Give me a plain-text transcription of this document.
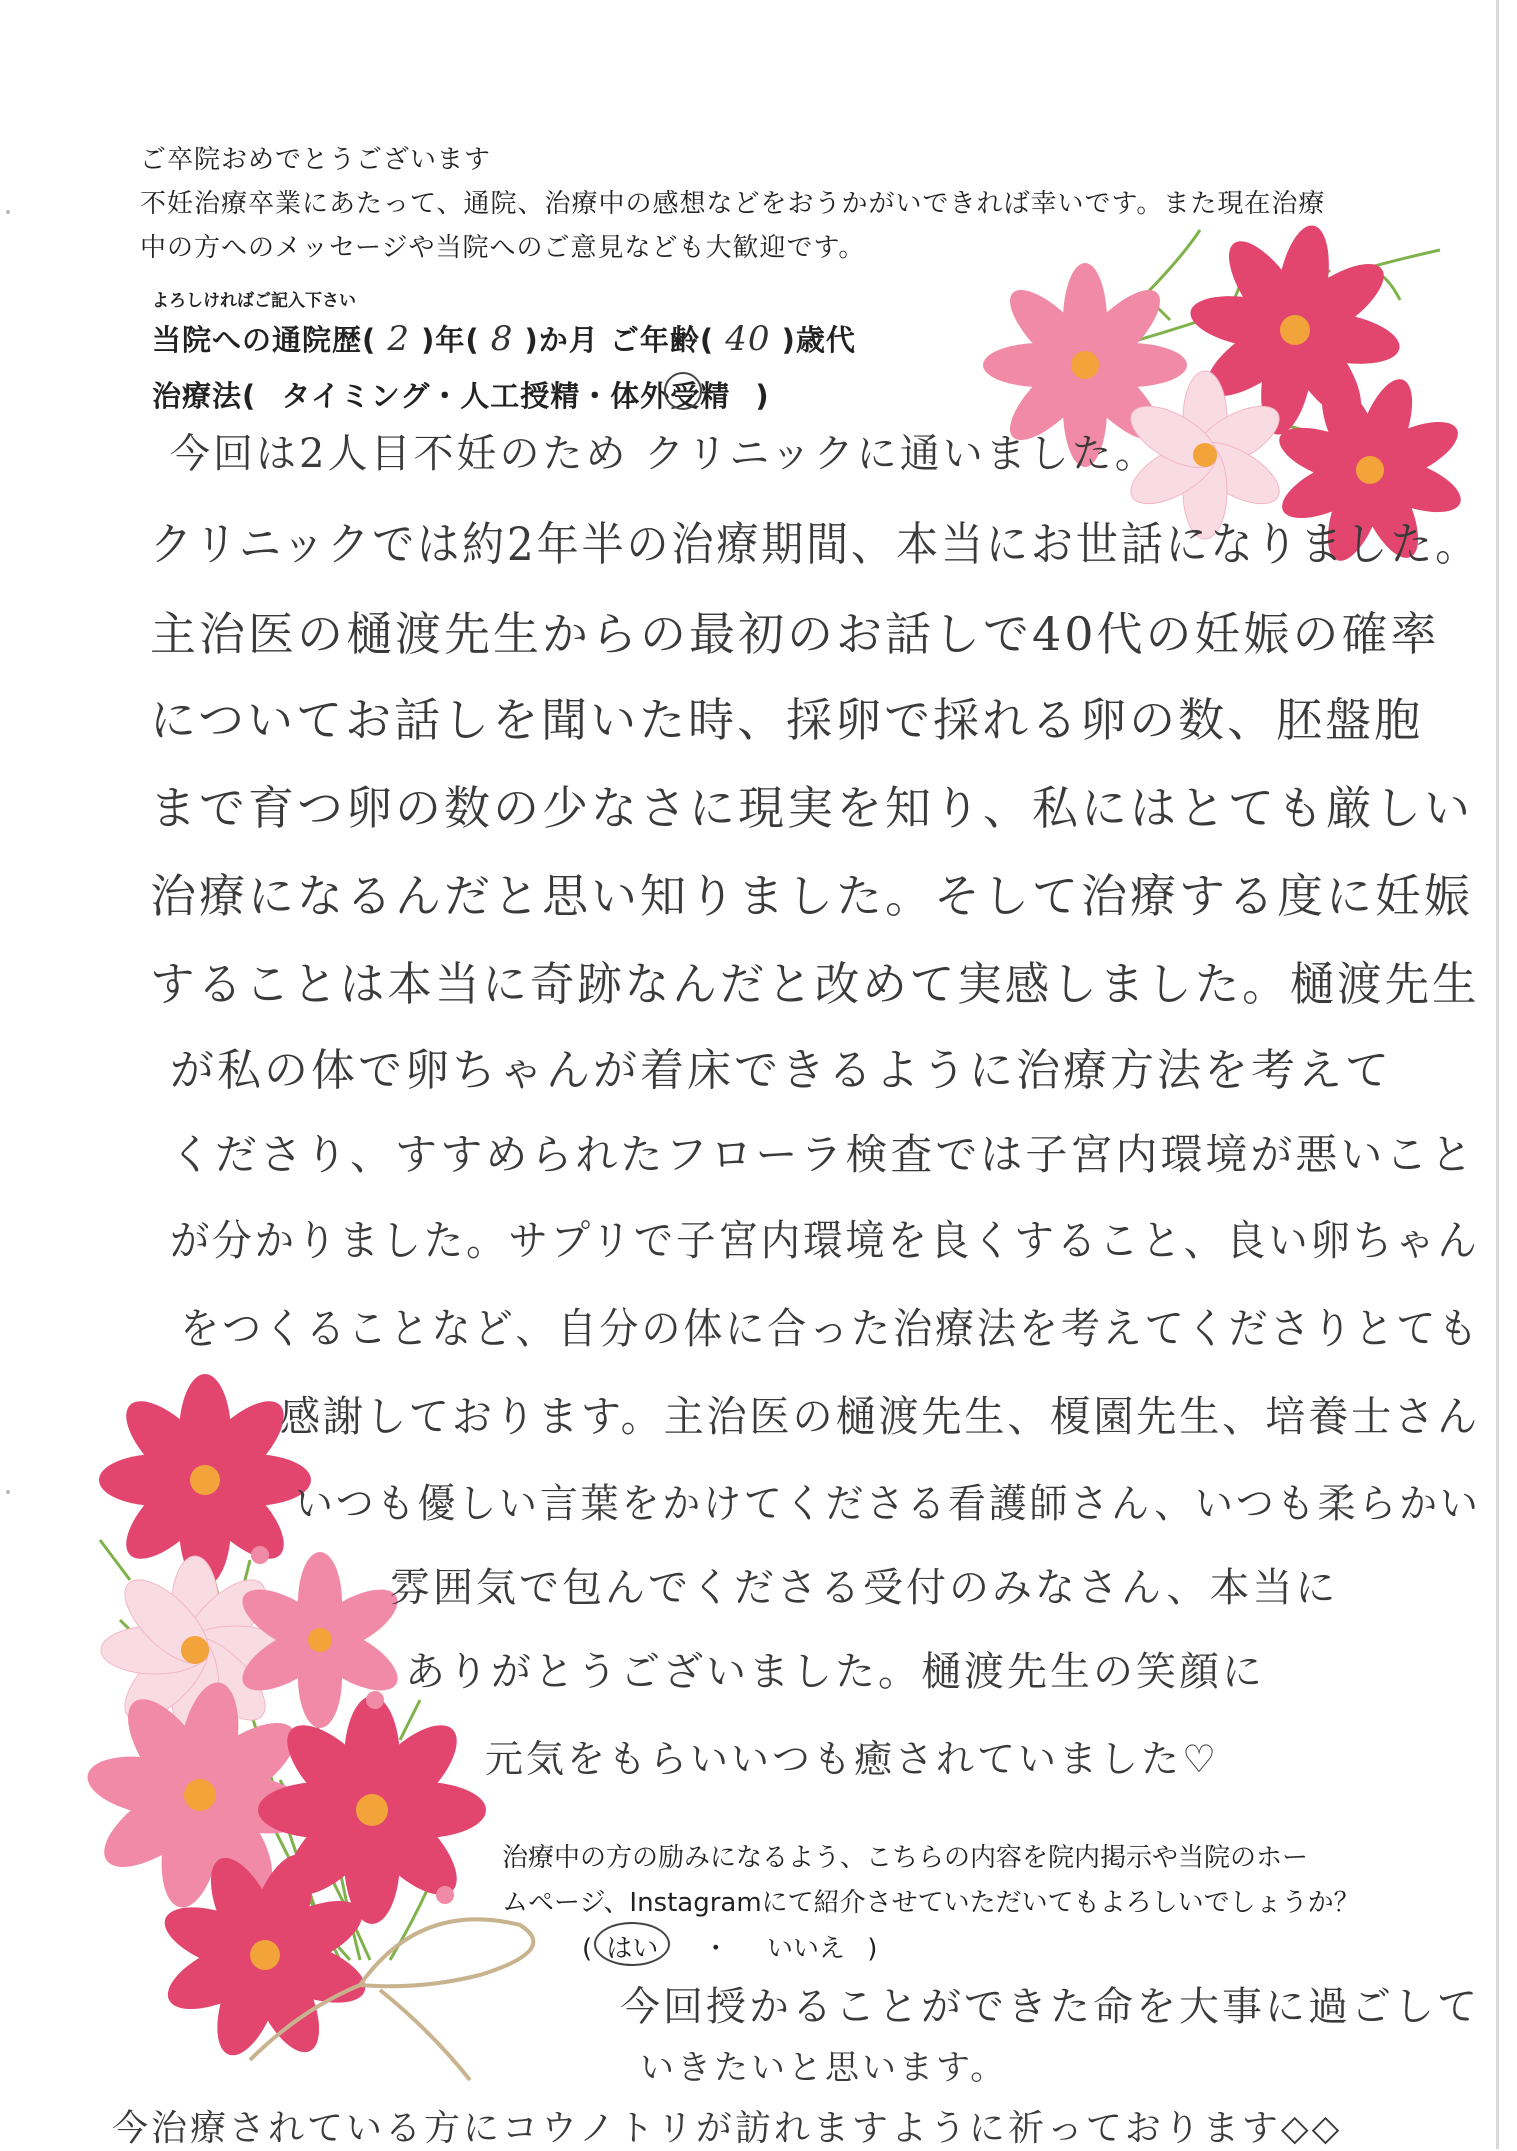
ご卒院おめでとうございます

不妊治療卒業にあたって、通院、治療中の感想などをおうかがいできれば幸いです。また現在治療

中の方へのメッセージや当院へのご意見なども大歓迎です。

よろしければご記入下さい
当院への通院歴( 2 )年( 8 )か月 ご年齢( 40 )歳代
治療法( タイミング・人工授精・体外受精 )
今回は2人目不妊のため クリニックに通いました。
クリニックでは約2年半の治療期間、本当にお世話になりました。
主治医の樋渡先生からの最初のお話しで40代の妊娠の確率
についてお話しを聞いた時、採卵で採れる卵の数、胚盤胞
まで育つ卵の数の少なさに現実を知り、私にはとても厳しい
治療になるんだと思い知りました。そして治療する度に妊娠
することは本当に奇跡なんだと改めて実感しました。樋渡先生
が私の体で卵ちゃんが着床できるように治療方法を考えて
くださり、すすめられたフローラ検査では子宮内環境が悪いこと
が分かりました。サプリで子宮内環境を良くすること、良い卵ちゃん
をつくることなど、自分の体に合った治療法を考えてくださりとても
感謝しております。主治医の樋渡先生、榎園先生、培養士さん
いつも優しい言葉をかけてくださる看護師さん、いつも柔らかい
雰囲気で包んでくださる受付のみなさん、本当に
ありがとうございました。樋渡先生の笑顔に
元気をもらいいつも癒されていました♡

治療中の方の励みになるよう、こちらの内容を院内掲示や当院のホー

ムページ、Instagramにて紹介させていただいてもよろしいでしょうか？

( はい ・ いいえ )
今回授かることができた命を大事に過ごして
いきたいと思います。
今治療されている方にコウノトリが訪れますように祈っております◇◇
